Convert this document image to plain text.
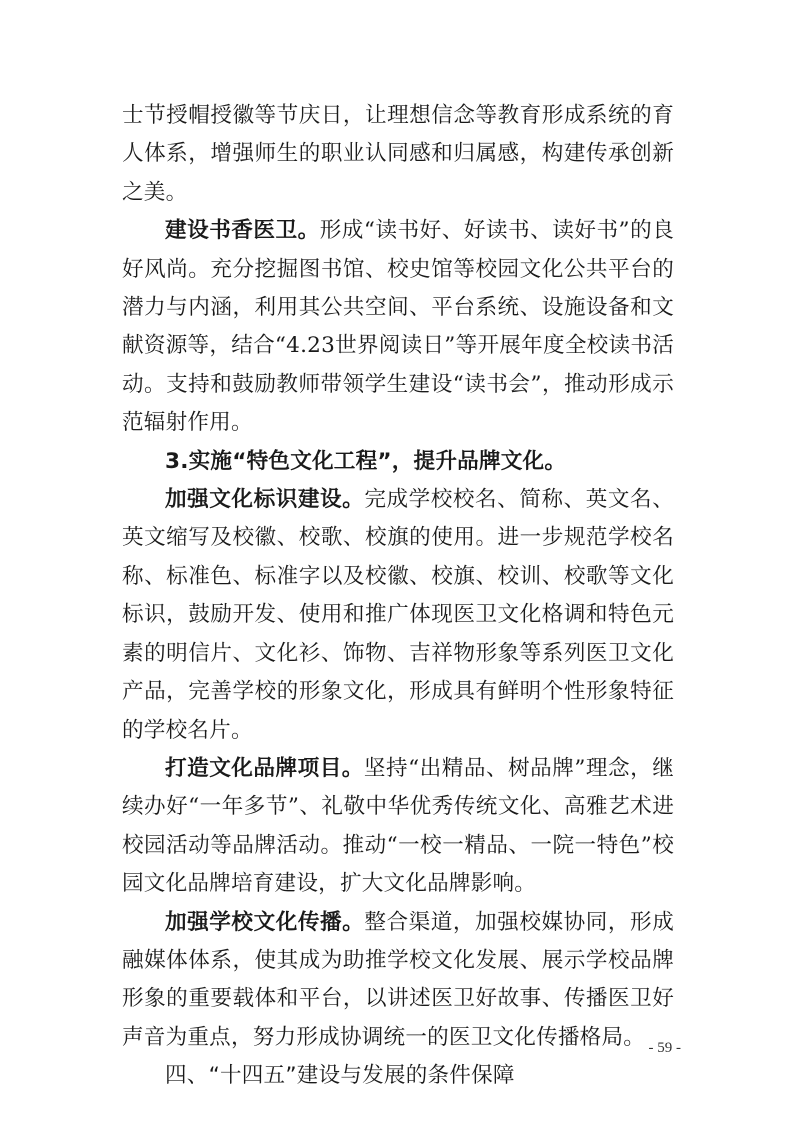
士节授帽授徽等节庆日，让理想信念等教育形成系统的育人体系，增强师生的职业认同感和归属感，构建传承创新之美。

建设书香医卫。形成“读书好、好读书、读好书”的良好风尚。充分挖掘图书馆、校史馆等校园文化公共平台的潜力与内涵，利用其公共空间、平台系统、设施设备和文献资源等，结合“4.23世界阅读日”等开展年度全校读书活动。支持和鼓励教师带领学生建设“读书会”，推动形成示范辐射作用。

3.实施“特色文化工程”，提升品牌文化。

加强文化标识建设。完成学校校名、简称、英文名、英文缩写及校徽、校歌、校旗的使用。进一步规范学校名称、标准色、标准字以及校徽、校旗、校训、校歌等文化标识，鼓励开发、使用和推广体现医卫文化格调和特色元素的明信片、文化衫、饰物、吉祥物形象等系列医卫文化产品，完善学校的形象文化，形成具有鲜明个性形象特征的学校名片。

打造文化品牌项目。坚持“出精品、树品牌”理念，继续办好“一年多节”、礼敬中华优秀传统文化、高雅艺术进校园活动等品牌活动。推动“一校一精品、一院一特色”校园文化品牌培育建设，扩大文化品牌影响。

加强学校文化传播。整合渠道，加强校媒协同，形成融媒体体系，使其成为助推学校文化发展、展示学校品牌形象的重要载体和平台，以讲述医卫好故事、传播医卫好声音为重点，努力形成协调统一的医卫文化传播格局。

四、“十四五”建设与发展的条件保障

- 59 -
